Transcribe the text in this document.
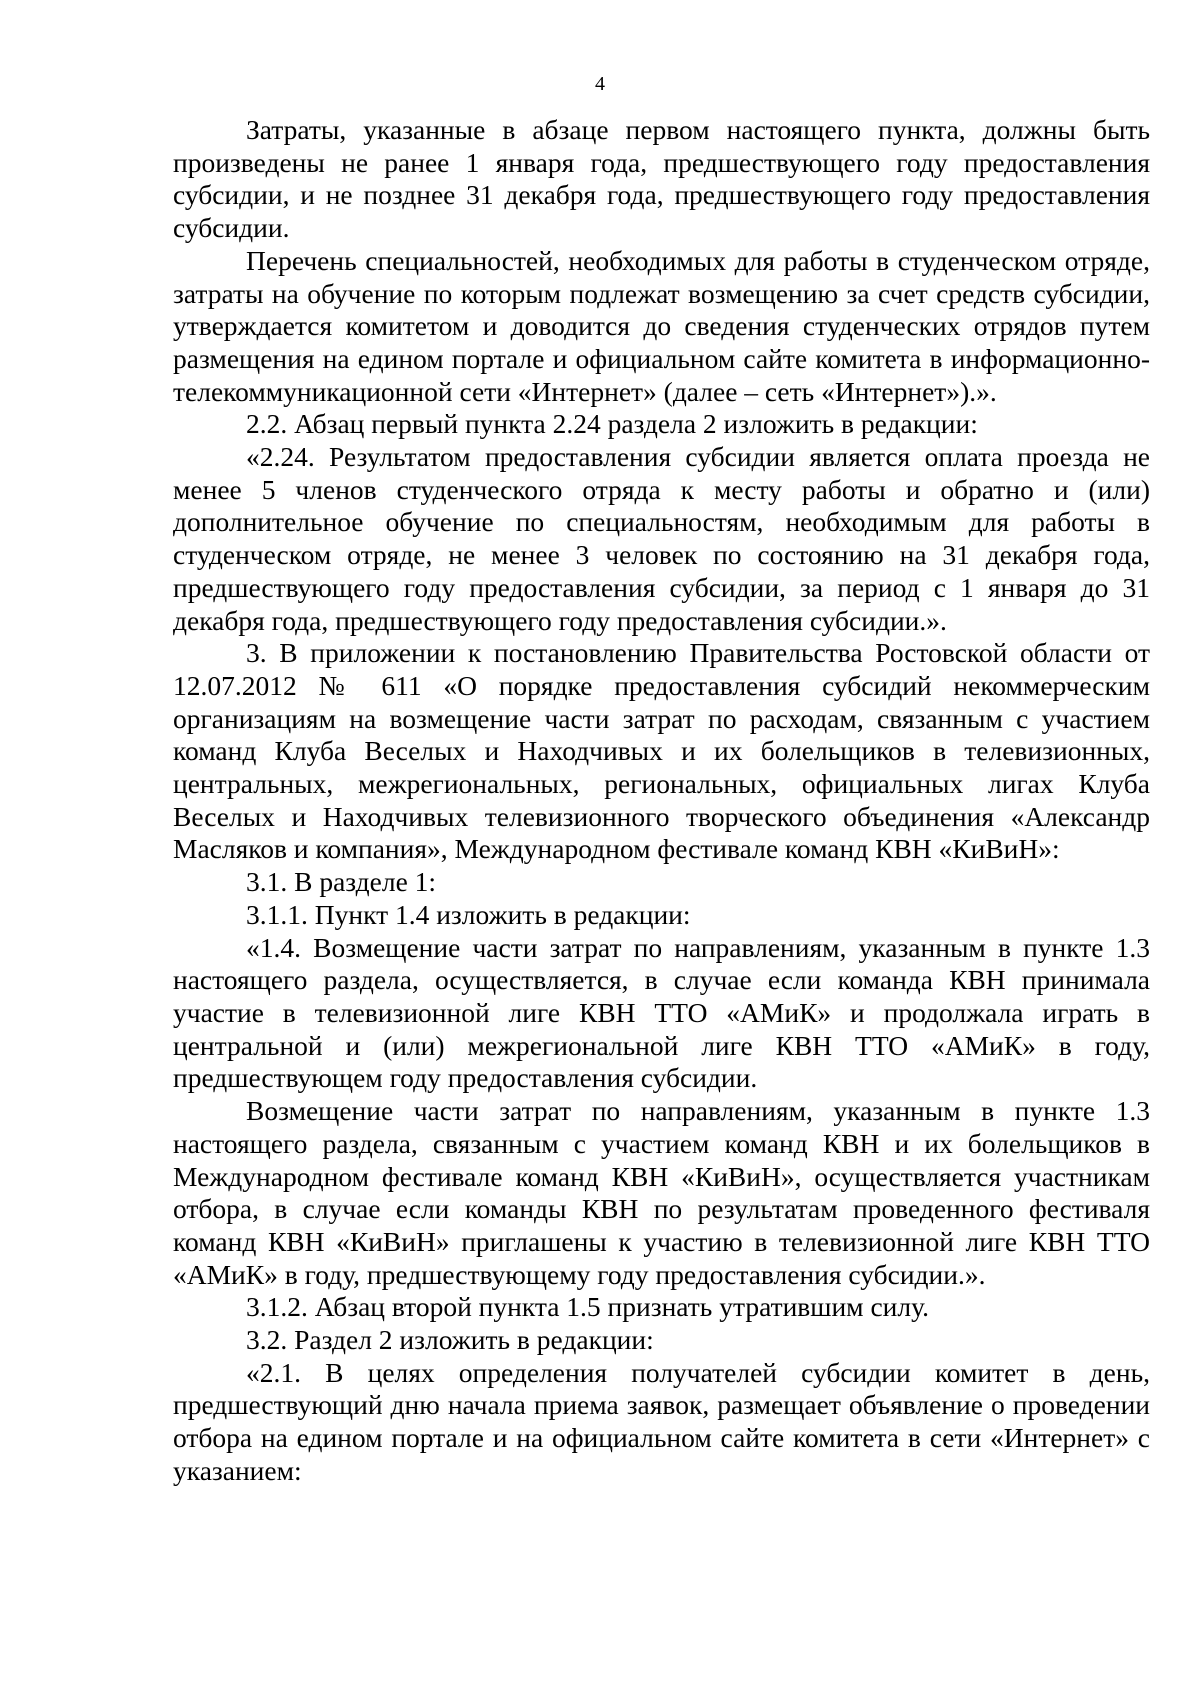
4

Затраты, указанные в абзаце первом настоящего пункта, должны быть произведены не ранее 1 января года, предшествующего году предоставления субсидии, и не позднее 31 декабря года, предшествующего году предоставления субсидии.

Перечень специальностей, необходимых для работы в студенческом отряде, затраты на обучение по которым подлежат возмещению за счет средств субсидии, утверждается комитетом и доводится до сведения студенческих отрядов путем размещения на едином портале и официальном сайте комитета в информационно-телекоммуникационной сети «Интернет» (далее – сеть «Интернет»).».

2.2. Абзац первый пункта 2.24 раздела 2 изложить в редакции:

«2.24. Результатом предоставления субсидии является оплата проезда не менее 5 членов студенческого отряда к месту работы и обратно и (или) дополнительное обучение по специальностям, необходимым для работы в студенческом отряде, не менее 3 человек по состоянию на 31 декабря года, предшествующего году предоставления субсидии, за период с 1 января до 31 декабря года, предшествующего году предоставления субсидии.».

3. В приложении к постановлению Правительства Ростовской области от 12.07.2012 № 611 «О порядке предоставления субсидий некоммерческим организациям на возмещение части затрат по расходам, связанным с участием команд Клуба Веселых и Находчивых и их болельщиков в телевизионных, центральных, межрегиональных, региональных, официальных лигах Клуба Веселых и Находчивых телевизионного творческого объединения «Александр Масляков и компания», Международном фестивале команд КВН «КиВиН»:

3.1. В разделе 1:

3.1.1. Пункт 1.4 изложить в редакции:

«1.4. Возмещение части затрат по направлениям, указанным в пункте 1.3 настоящего раздела, осуществляется, в случае если команда КВН принимала участие в телевизионной лиге КВН ТТО «АМиК» и продолжала играть в центральной и (или) межрегиональной лиге КВН ТТО «АМиК» в году, предшествующем году предоставления субсидии.

Возмещение части затрат по направлениям, указанным в пункте 1.3 настоящего раздела, связанным с участием команд КВН и их болельщиков в Международном фестивале команд КВН «КиВиН», осуществляется участникам отбора, в случае если команды КВН по результатам проведенного фестиваля команд КВН «КиВиН» приглашены к участию в телевизионной лиге КВН ТТО «АМиК» в году, предшествующему году предоставления субсидии.».

3.1.2. Абзац второй пункта 1.5 признать утратившим силу.

3.2. Раздел 2 изложить в редакции:

«2.1. В целях определения получателей субсидии комитет в день, предшествующий дню начала приема заявок, размещает объявление о проведении отбора на едином портале и на официальном сайте комитета в сети «Интернет» с указанием:
